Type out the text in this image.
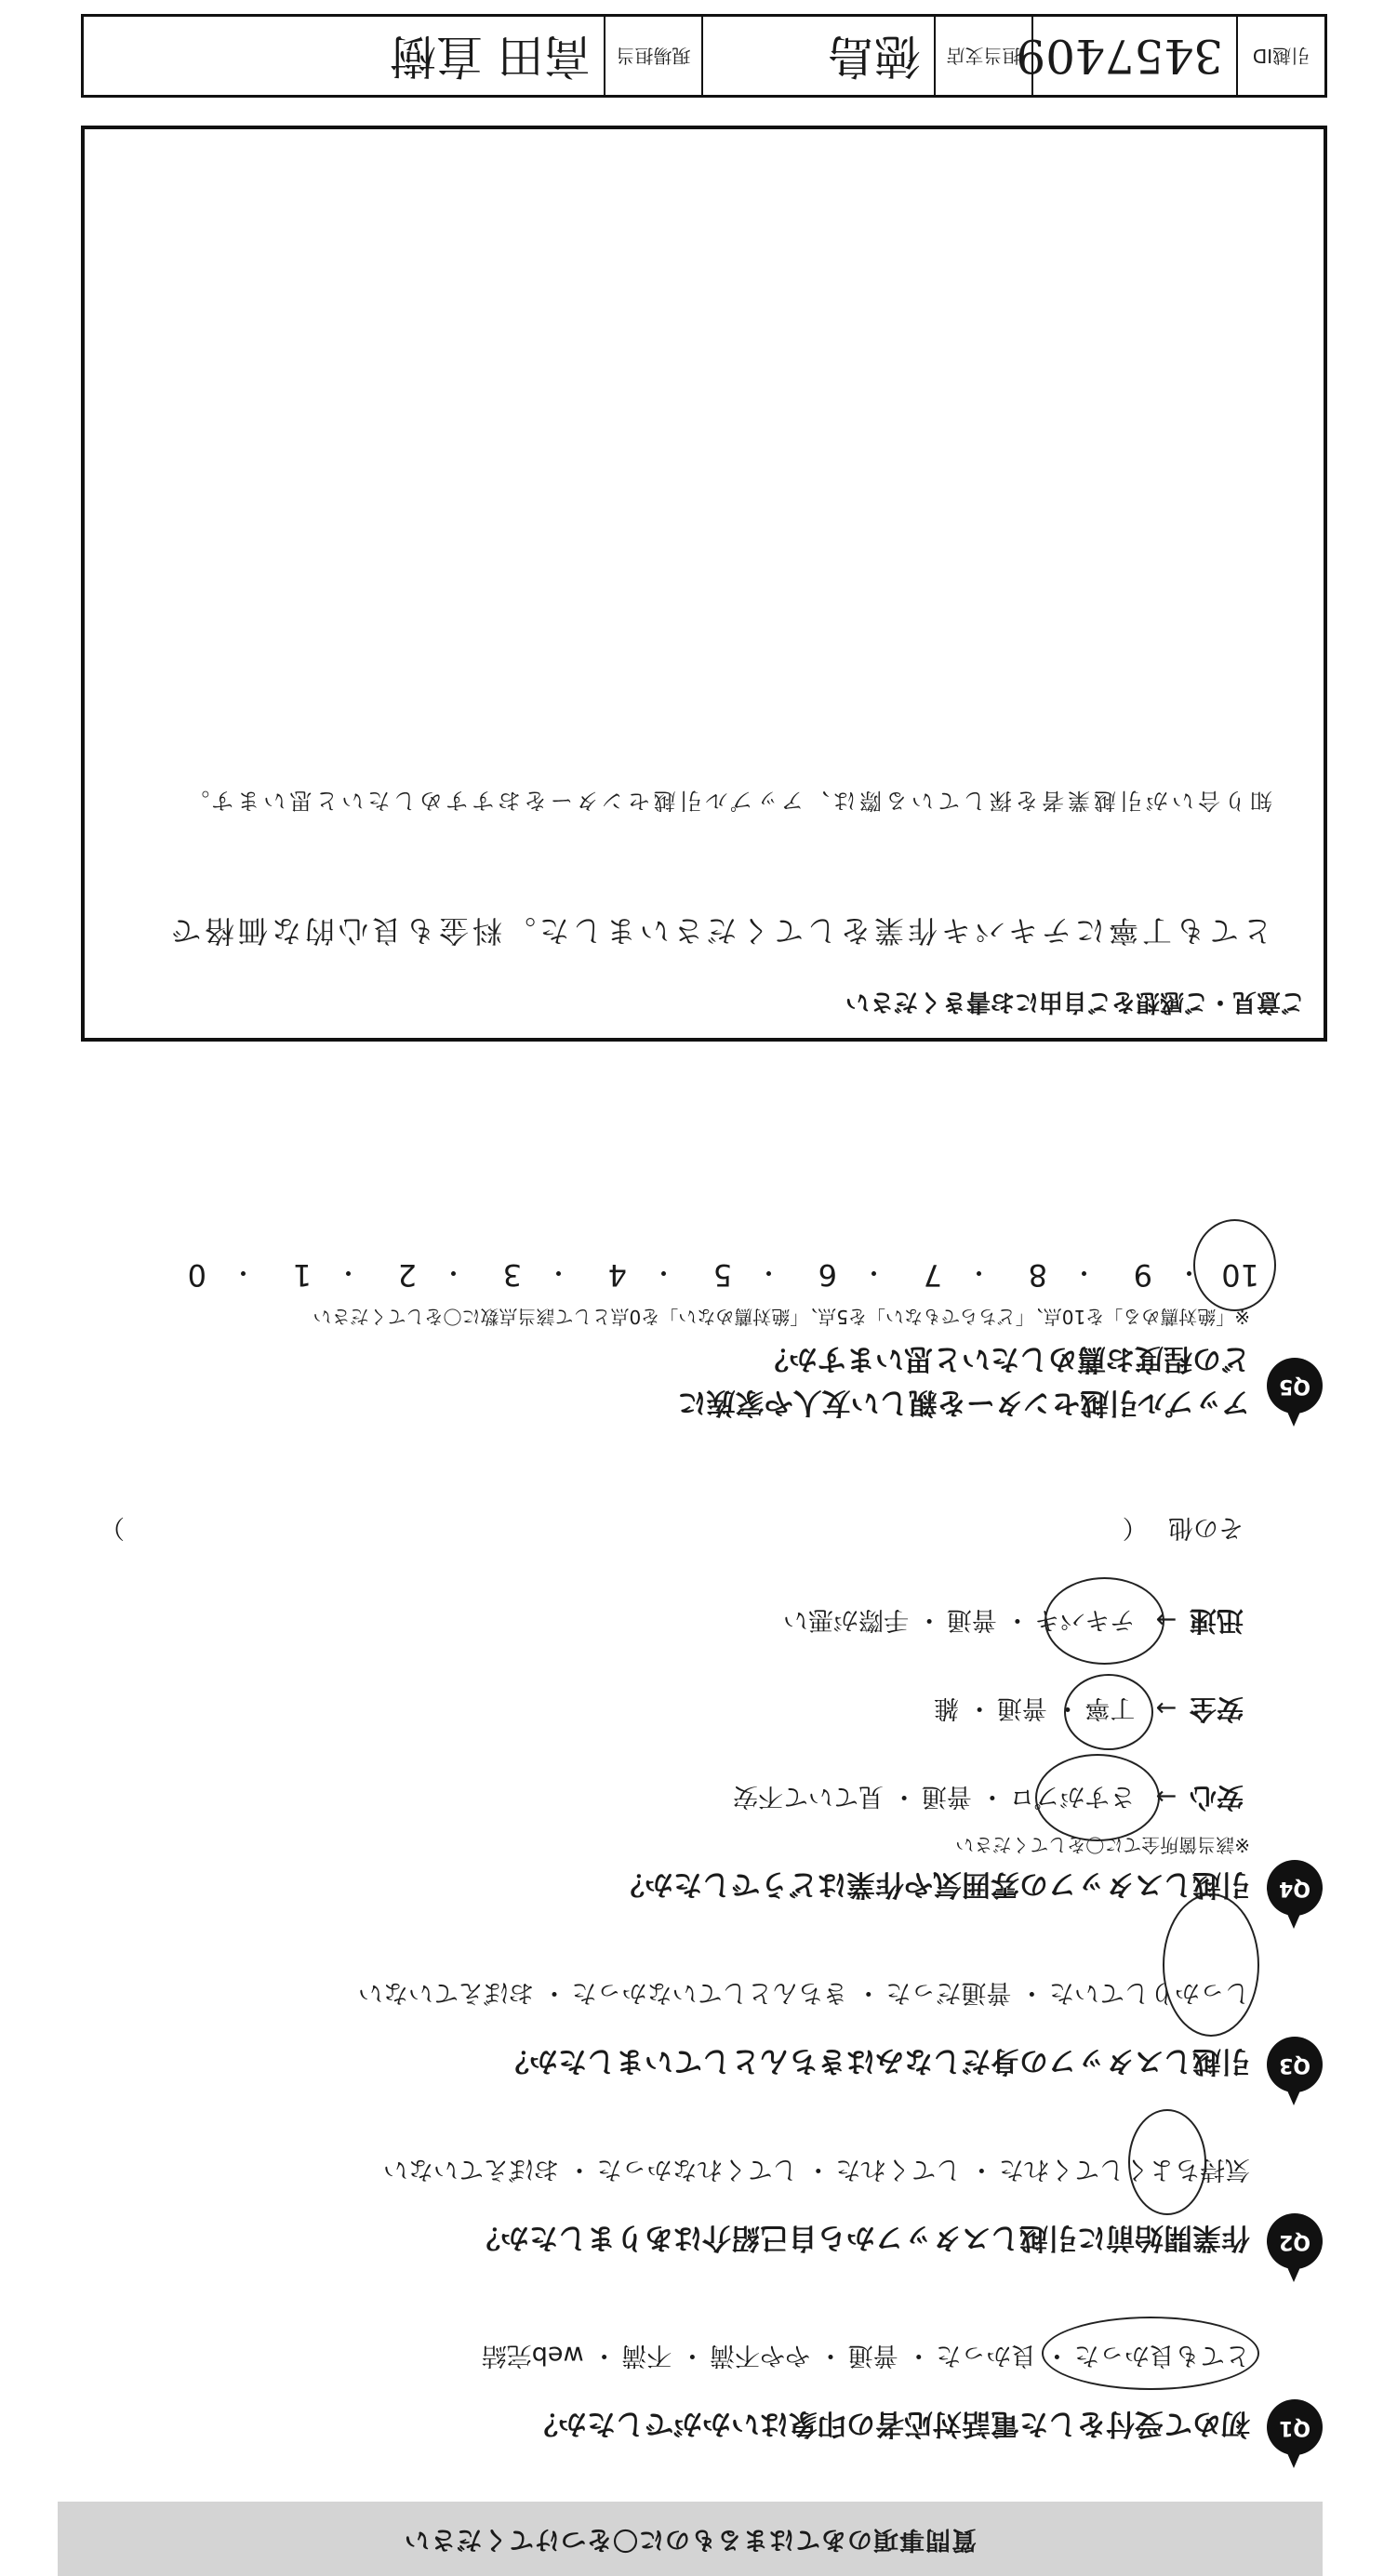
質問事項のあてはまるものに〇をつけてください
Q1
初めて受付をした電話対応者の印象はいかがでしたか？
とても良かった ・ 良かった ・ 普通 ・ やや不満 ・ 不満 ・ web完結
Q2
作業開始前に引越しスタッフから自己紹介はありましたか？
気持ちよくしてくれた ・ してくれた ・ してくれなかった ・ おぼえていない
Q3
引越しスタッフの身だしなみはきちんとしていましたか？
しっかりしていた ・ 普通だった ・ きちんとしていなかった ・ おぼえていない
Q4
引越しスタッフの雰囲気や作業はどうでしたか？
※該当箇所全てに〇をしてください
安心  →   さすがプロ ・ 普通 ・ 見ていて不安
安全  →   丁寧 ・ 普通 ・ 雑
迅速  →   テキパキ ・ 普通 ・ 手際が悪い
その他   （
）
Q5
アップル引越センターを親しい友人や家族に
どの程度お薦めしたいと思いますか？
※「絶対薦める」を10点、「どちらでもない」を5点、「絶対薦めない」を0点として該当点数に〇をしてください
10
9
8
7
6
5
4
3
2
1
0	・
・
・
・
・
・
・
・
・
・
ご意見・ご感想をご自由にお書きください
とても丁寧にテキパキ作業をしてくださいました。料金も良心的な価格で
知り合いが引越業者を探している際は、アップル引越センターをおすすめしたいと思います。
引越ID
3457409
担当支店
徳島
現場担当
高田 直樹
